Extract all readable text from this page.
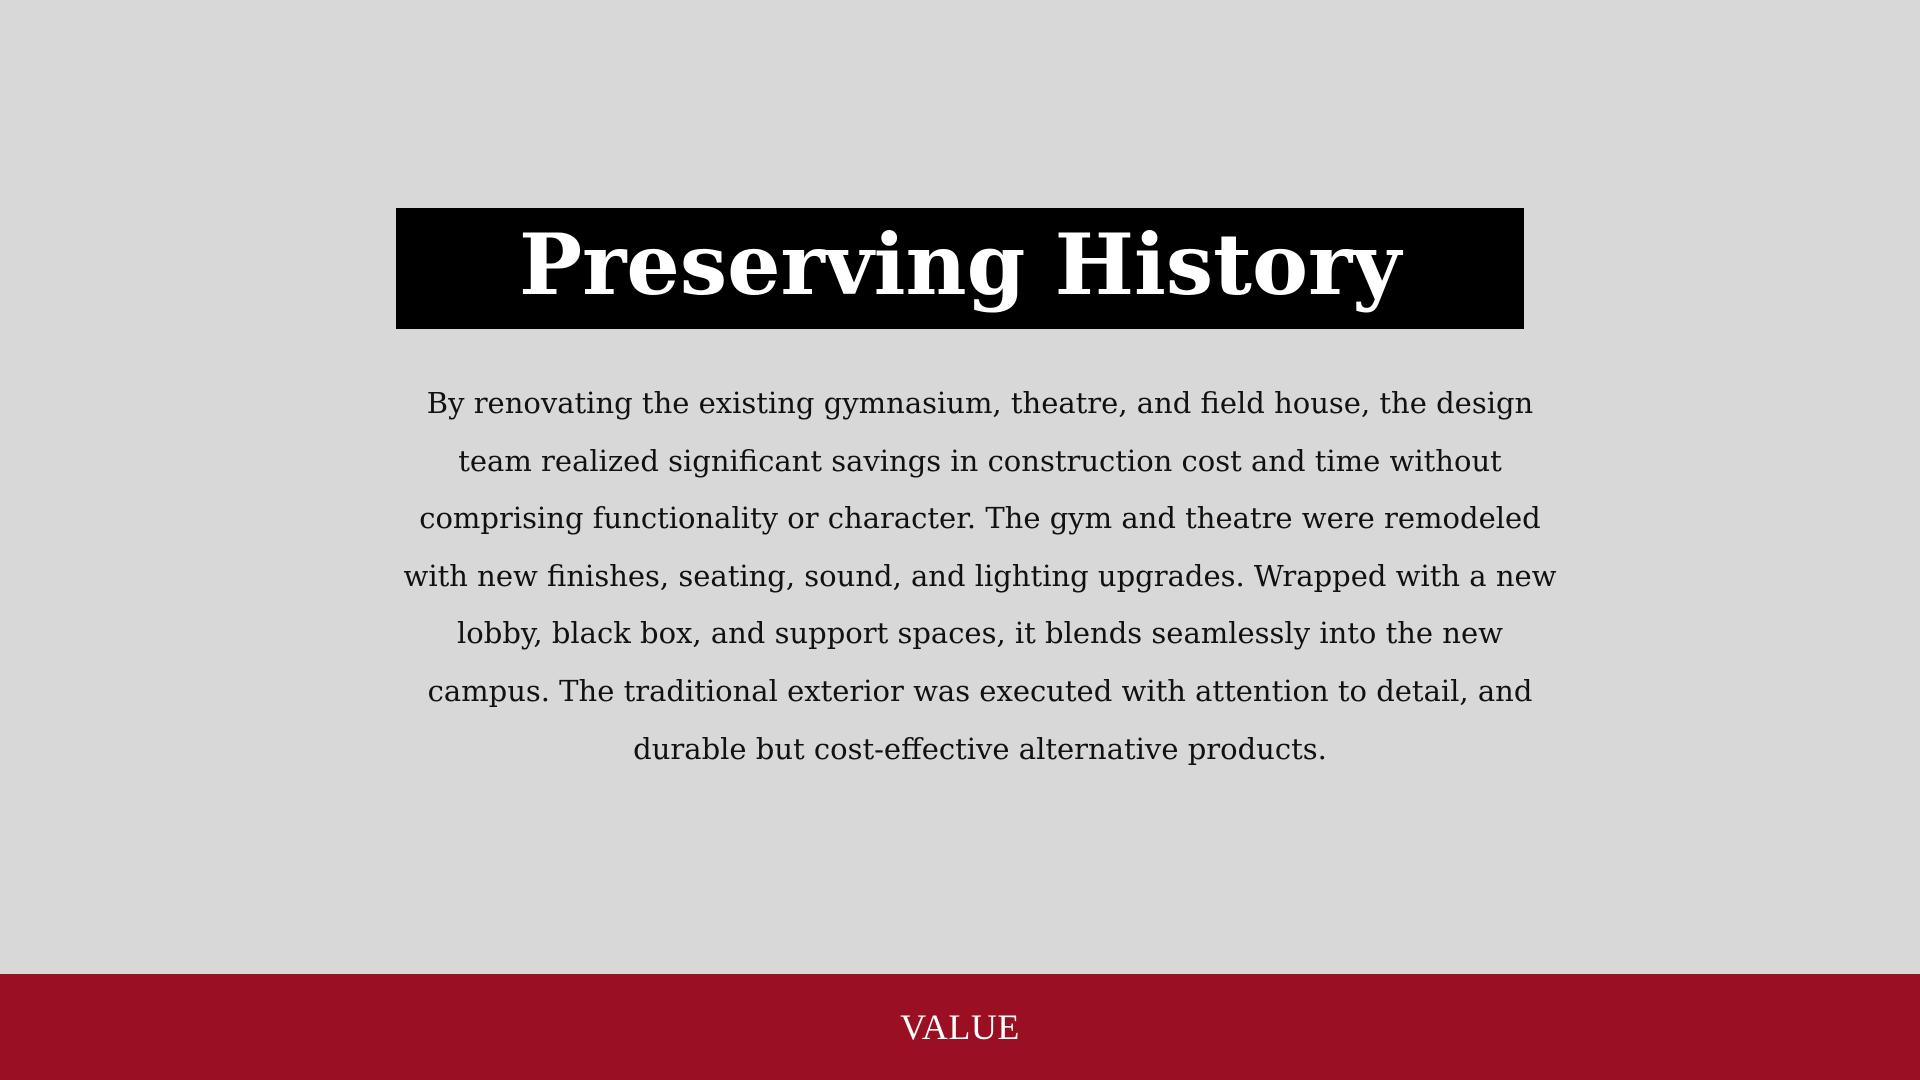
Preserving History

By renovating the existing gymnasium, theatre, and field house, the design team realized significant savings in construction cost and time without comprising functionality or character. The gym and theatre were remodeled with new finishes, seating, sound, and lighting upgrades. Wrapped with a new lobby, black box, and support spaces, it blends seamlessly into the new campus. The traditional exterior was executed with attention to detail, and durable but cost-effective alternative products.

VALUE
